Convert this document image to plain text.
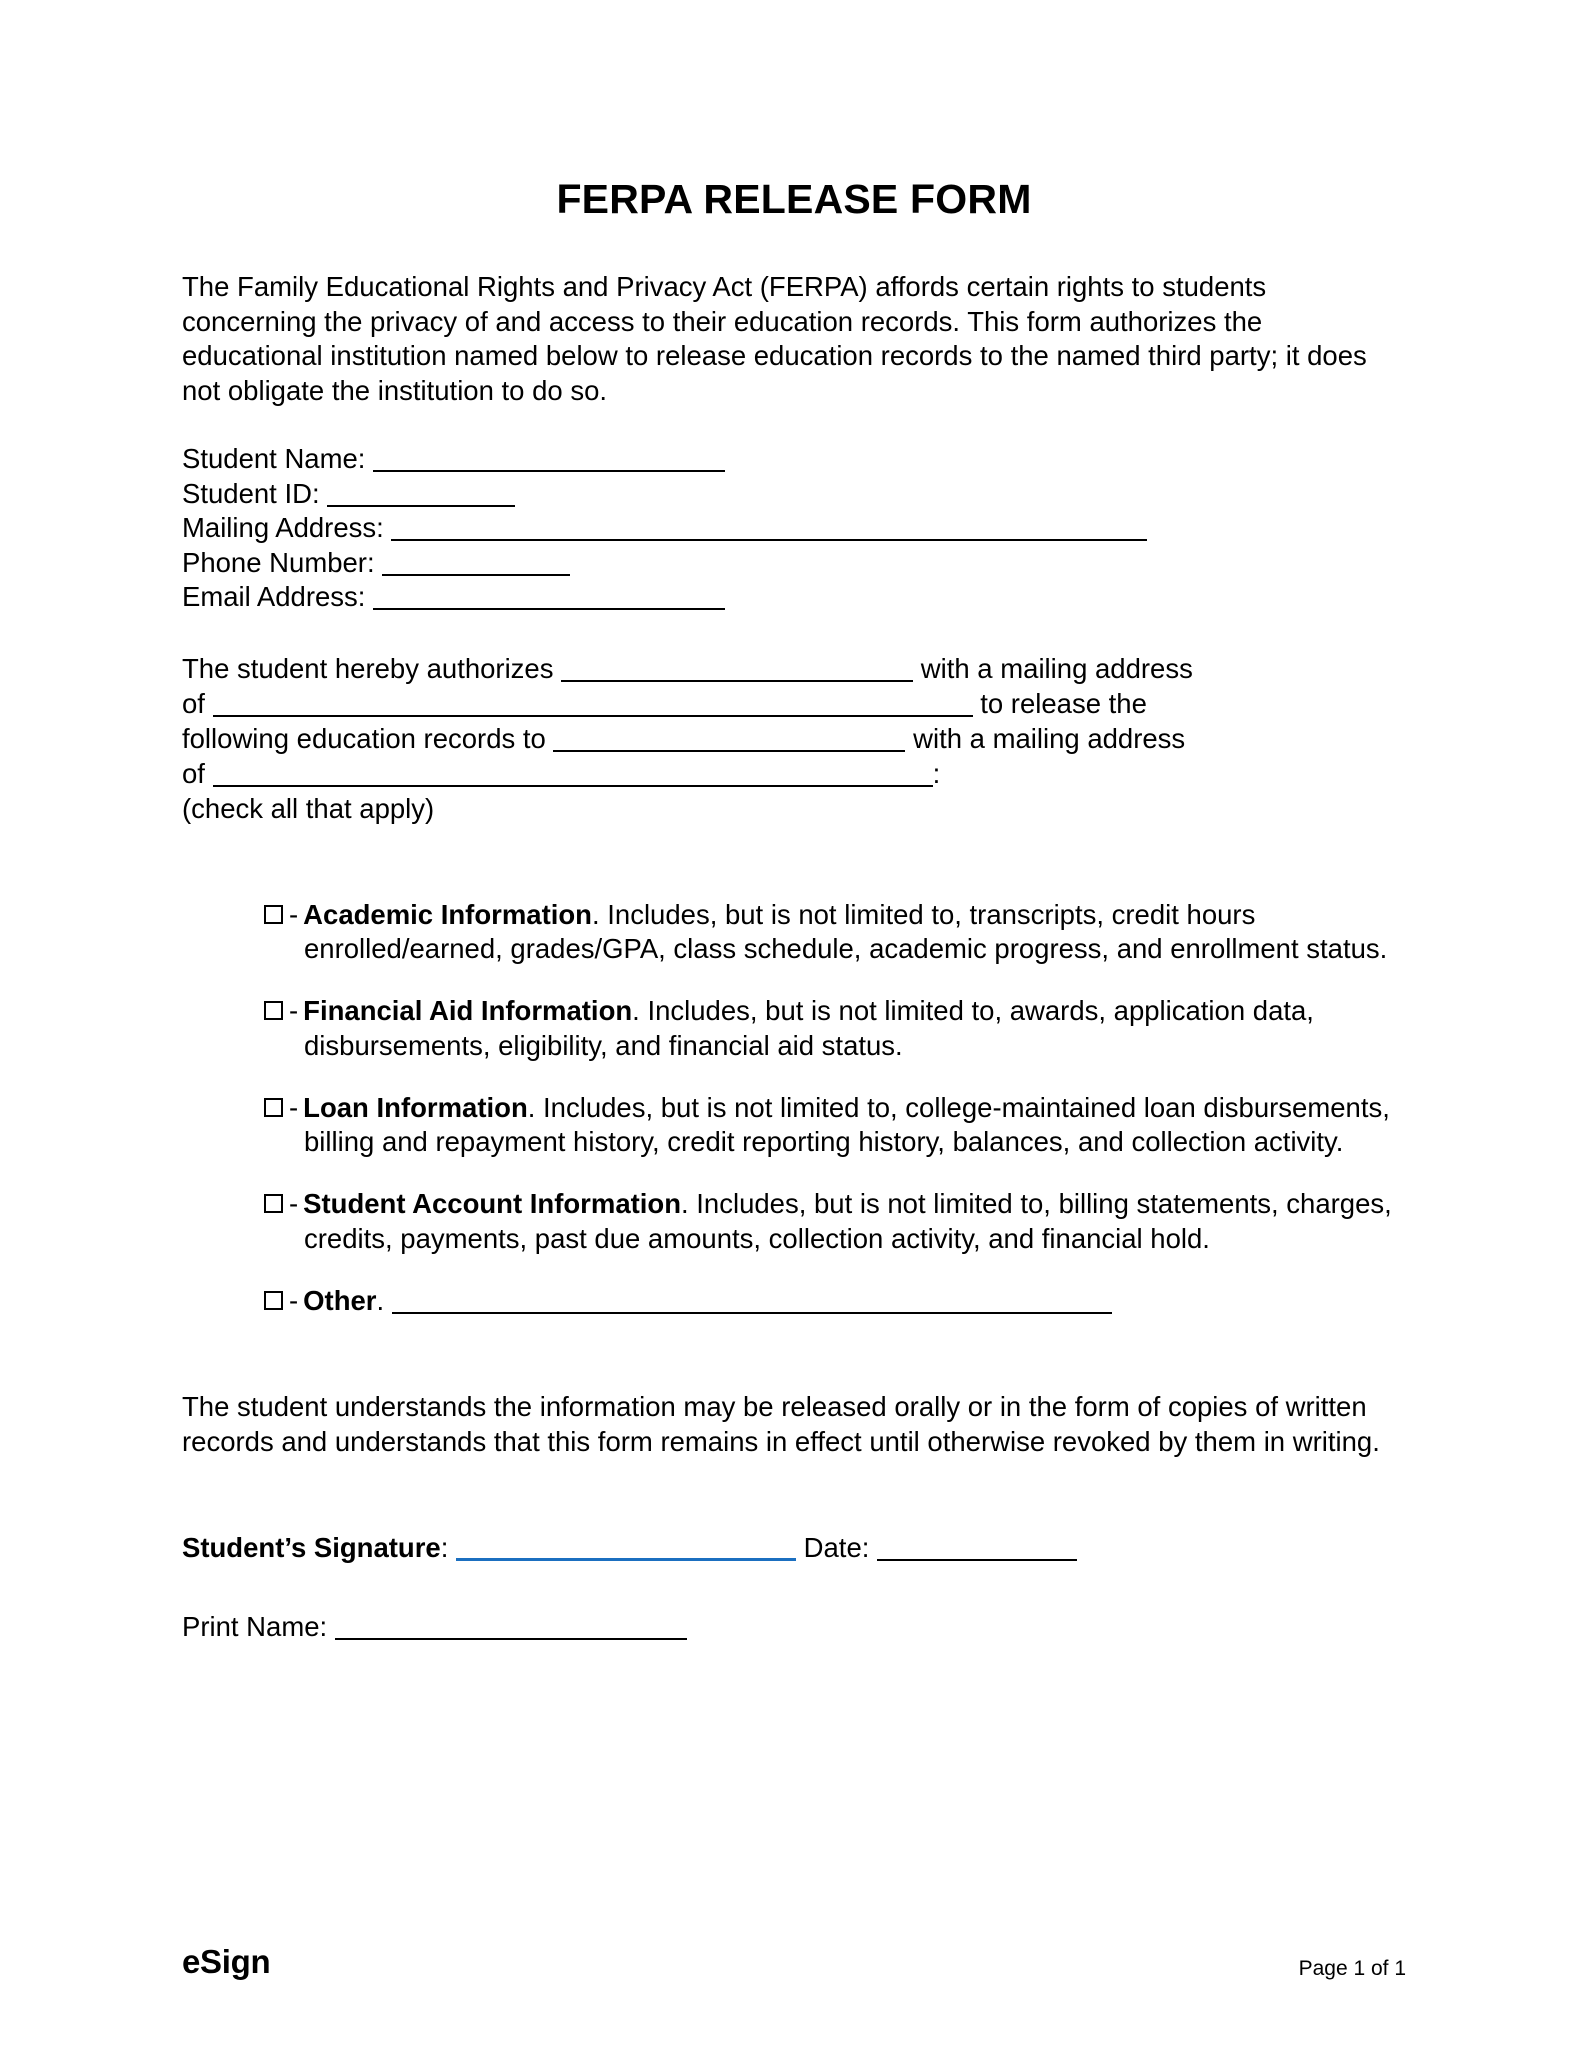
FERPA RELEASE FORM

The Family Educational Rights and Privacy Act (FERPA) affords certain rights to students concerning the privacy of and access to their education records. This form authorizes the educational institution named below to release education records to the named third party; it does not obligate the institution to do so.

Student Name:
Student ID:
Mailing Address:
Phone Number:
Email Address:
The student hereby authorizes	with a mailing address
of	to release the
following education records to	with a mailing address
of	:
(check all that apply)

- Academic Information. Includes, but is not limited to, transcripts, credit hours enrolled/earned, grades/GPA, class schedule, academic progress, and enrollment status.

- Financial Aid Information. Includes, but is not limited to, awards, application data, disbursements, eligibility, and financial aid status.

- Loan Information. Includes, but is not limited to, college-maintained loan disbursements, billing and repayment history, credit reporting history, balances, and collection activity.

- Student Account Information. Includes, but is not limited to, billing statements, charges, credits, payments, past due amounts, collection activity, and financial hold.

- Other.

The student understands the information may be released orally or in the form of copies of written records and understands that this form remains in effect until otherwise revoked by them in writing.

Student’s Signature:	Date:
Print Name:
eSign	Page 1 of 1
